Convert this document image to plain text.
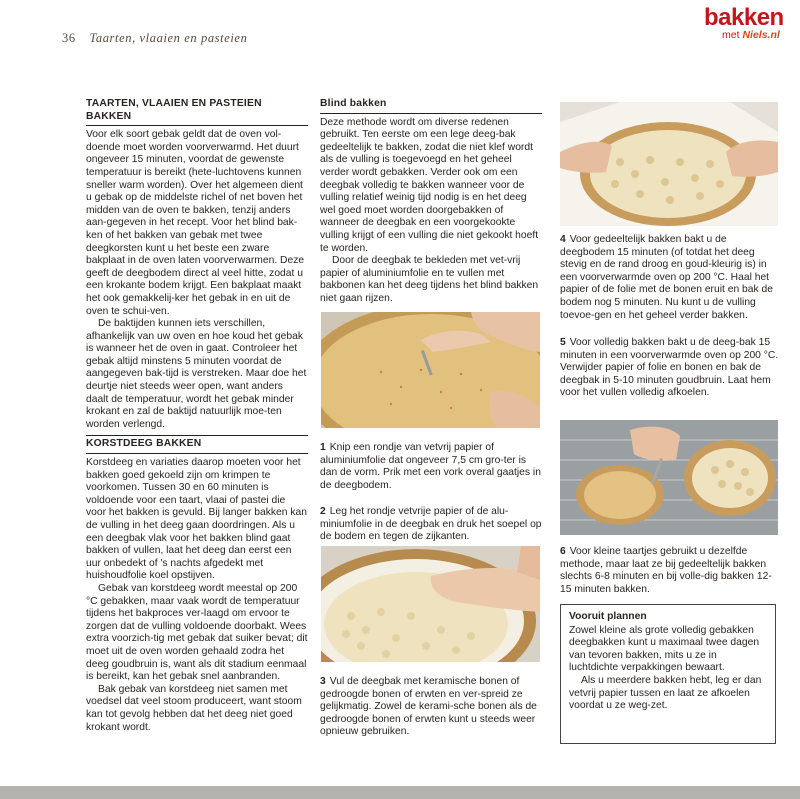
36 Taarten, vlaaien en pasteien
bakken
met Niels.nl
TAARTEN, VLAAIEN EN PASTEIEN BAKKEN

Voor elk soort gebak geldt dat de oven vol-doende moet worden voorverwarmd. Het duurt ongeveer 15 minuten, voordat de gewenste temperatuur is bereikt (hete-luchtovens kunnen sneller warm worden). Over het algemeen dient u gebak op de middelste richel of net boven het midden van de oven te bakken, tenzij anders aan-gegeven in het recept. Voor het blind bak-ken of het bakken van gebak met twee deegkorsten kunt u het beste een zware bakplaat in de oven laten voorverwarmen. Deze geeft de deegbodem direct al veel hitte, zodat u een krokante bodem krijgt. Een bakplaat maakt het ook gemakkelij-ker het gebak in en uit de oven te schui-ven.

De baktijden kunnen iets verschillen, afhankelijk van uw oven en hoe koud het gebak is wanneer het de oven in gaat. Controleer het gebak altijd minstens 5 minuten voordat de aangegeven bak-tijd is verstreken. Maar doe het deurtje niet steeds weer open, want anders daalt de temperatuur, wordt het gebak minder krokant en zal de baktijd natuurlijk moe-ten worden verlengd.

KORSTDEEG BAKKEN

Korstdeeg en variaties daarop moeten voor het bakken goed gekoeld zijn om krimpen te voorkomen. Tussen 30 en 60 minuten is voldoende voor een taart, vlaai of pastei die voor het bakken is gevuld. Bij langer bakken kan de vulling in het deeg gaan doordringen. Als u een deegbak vlak voor het bakken blind gaat bakken of vullen, laat het deeg dan eerst een uur onbedekt of 's nachts afgedekt met huishoudfolie koel opstijven.

Gebak van korstdeeg wordt meestal op 200 °C gebakken, maar vaak wordt de temperatuur tijdens het bakproces ver-laagd om ervoor te zorgen dat de vulling voldoende doorbakt. Wees extra voorzich-tig met gebak dat suiker bevat; dit moet uit de oven worden gehaald zodra het deeg goudbruin is, want als dit stadium eenmaal is bereikt, kan het gebak snel aanbranden.

Bak gebak van korstdeeg niet samen met voedsel dat veel stoom produceert, want stoom kan tot gevolg hebben dat het deeg niet goed krokant wordt.

Blind bakken

Deze methode wordt om diverse redenen gebruikt. Ten eerste om een lege deeg-bak gedeeltelijk te bakken, zodat die niet klef wordt als de vulling is toegevoegd en het geheel verder wordt gebakken. Verder ook om een deegbak volledig te bakken wanneer voor de vulling relatief weinig tijd nodig is en het deeg wel goed moet worden doorgebakken of wanneer de deegbak en een voorgekookte vulling krijgt of een vulling die niet gekookt hoeft te worden.

Door de deegbak te bekleden met vet-vrij papier of aluminiumfolie en te vullen met bakbonen kan het deeg tijdens het blind bakken niet gaan rijzen.

1 Knip een rondje van vetvrij papier of aluminiumfolie dat ongeveer 7,5 cm gro-ter is dan de vorm. Prik met een vork overal gaatjes in de deegbodem.

2 Leg het rondje vetvrije papier of de alu-miniumfolie in de deegbak en druk het soepel op de bodem en tegen de zijkanten.

3 Vul de deegbak met keramische bonen of gedroogde bonen of erwten en ver-spreid ze gelijkmatig. Zowel de kerami-sche bonen als de gedroogde bonen of erwten kunt u steeds weer opnieuw gebruiken.

4 Voor gedeeltelijk bakken bakt u de deegbodem 15 minuten (of totdat het deeg stevig en de rand droog en goud-kleurig is) in een voorverwarmde oven op 200 °C. Haal het papier of de folie met de bonen eruit en bak de bodem nog 5 minuten. Nu kunt u de vulling toevoe-gen en het geheel verder bakken.

5 Voor volledig bakken bakt u de deeg-bak 15 minuten in een voorverwarmde oven op 200 °C. Verwijder papier of folie en bonen en bak de deegbak in 5-10 minuten goudbruin. Laat hem voor het vullen volledig afkoelen.

6 Voor kleine taartjes gebruikt u dezelfde methode, maar laat ze bij gedeeltelijk bakken slechts 6-8 minuten en bij volle-dig bakken 12-15 minuten bakken.

Vooruit plannen

Zowel kleine als grote volledig gebakken deegbakken kunt u maximaal twee dagen van tevoren bakken, mits u ze in luchtdichte verpakkingen bewaart.

Als u meerdere bakken hebt, leg er dan vetvrij papier tussen en laat ze afkoelen voordat u ze weg-zet.
